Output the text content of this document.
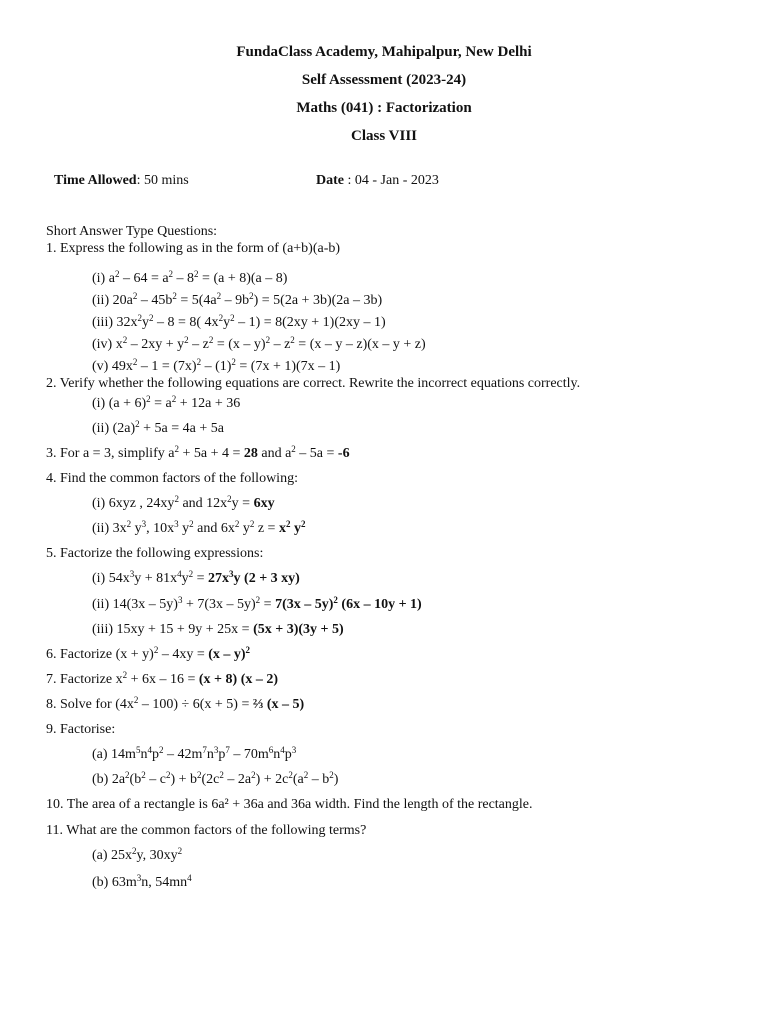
FundaClass Academy, Mahipalpur, New Delhi
Self Assessment (2023-24)
Maths (041) : Factorization
Class VIII
Time Allowed: 50 mins	Date : 04 - Jan - 2023
Short Answer Type Questions:
1. Express the following as in the form of (a+b)(a-b)
(i) $a^2 - 64 = a^2 - 8^2 = (a + 8)(a - 8)$
(ii) $20a^2 - 45b^2 = 5(4a^2 - 9b^2) = 5(2a + 3b)(2a - 3b)$
(iii) $32x^2y^2 - 8 = 8$( $4x^2y^2 - 1) = 8(2xy + 1)(2xy - 1)$
(iv) $x^2 - 2xy + y^2 - z^2 = (x - y)^2 - z^2 = (x - y - z)(x - y + z)$
(v) $49x^2 - 1 = (7x)^2 - (1)^2 = (7x + 1)(7x - 1)$
2. Verify whether the following equations are correct. Rewrite the incorrect equations correctly.
(i) $(a + 6)^2 = a^2 + 12a + 36$
(ii) $(2a)^2 + 5a = 4a + 5a$
3. For a = 3, simplify $a^2 + 5a + 4 = 28$ and $a^2 - 5a = -6$
4. Find the common factors of the following:
(i) 6xyz , $24xy^2$ and $12x^2y = 6xy$
(ii) $3x^2$ $y^3$, $10x^3$ $y^2$ and $6x^2$ $y^2$ $z = x^2$ $y^2$
5. Factorize the following expressions:
(i) $54x^3y + 81x^4y^2 = 27x^3y$ (2 + 3 xy)
(ii) 14(3x – 5y)$^3$ + 7(3x – 5y)$^2$ = 7(3x – 5y)$^2$ (6x – 10y + 1)
(iii) 15xy + 15 + 9y + 25x = (5x + 3)(3y + 5)
6. Factorize $(x + y)^2 - 4xy = (x - y)^2$
7. Factorize $x^2 + 6x - 16 = (x + 8)$ (x – 2)
8. Solve for $(4x^2 - 100) \div 6(x + 5)$ = ⅔ (x – 5)
9. Factorise:
(a) $14m^5n^4p^2 - 42m^7n^3p^7 - 70m^6n^4p^3$
(b) $2a^2(b^2 - c^2) + b^2(2c^2 - 2a^2) + 2c^2(a^2 - b^2)$
10. The area of a rectangle is 6a² + 36a and 36a width. Find the length of the rectangle.
11. What are the common factors of the following terms?
(a) $25x^2y$, $30xy^2$
(b) $63m^3n$, $54mn^4$
